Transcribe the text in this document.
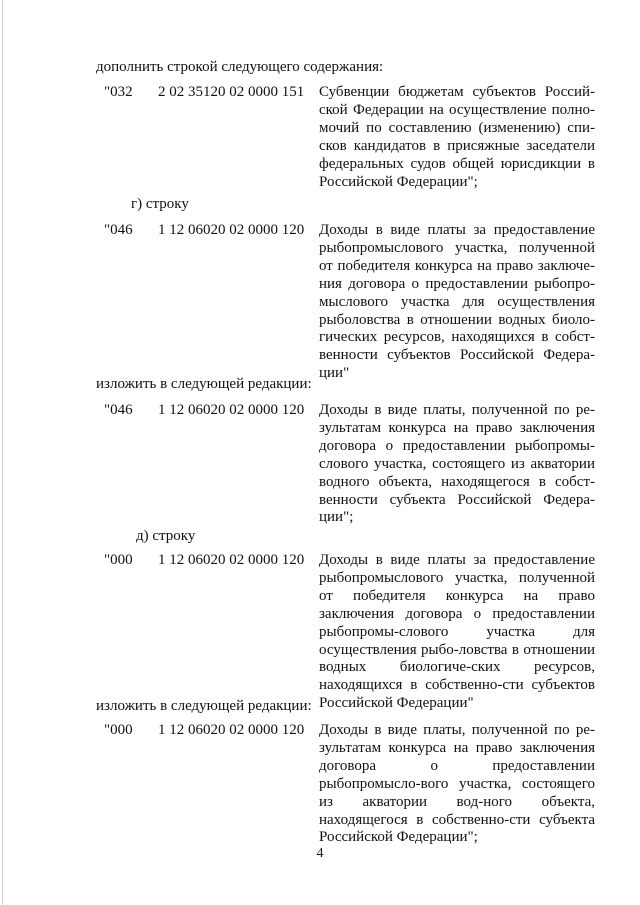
дополнить строкой следующего содержания:
"032 2 02 35120 02 0000 151 Субвенции бюджетам субъектов Россий-ской Федерации на осуществление полно-мочий по составлению (изменению) спи-сков кандидатов в присяжные заседатели федеральных судов общей юрисдикции в Российской Федерации";
г) строку
"046 1 12 06020 02 0000 120 Доходы в виде платы за предоставление рыбопромыслового участка, полученной от победителя конкурса на право заключе-ния договора о предоставлении рыбопро-мыслового участка для осуществления рыболовства в отношении водных биоло-гических ресурсов, находящихся в собст-венности субъектов Российской Федера-ции"
изложить в следующей редакции:
"046 1 12 06020 02 0000 120 Доходы в виде платы, полученной по ре-зультатам конкурса на право заключения договора о предоставлении рыбопромы-слового участка, состоящего из акватории водного объекта, находящегося в собст-венности субъекта Российской Федера-ции";
д) строку
"000 1 12 06020 02 0000 120 Доходы в виде платы за предоставление рыбопромыслового участка, полученной от победителя конкурса на право заключения договора о предоставлении рыбопромы-слового участка для осуществления рыбо-ловства в отношении водных биологиче-ских ресурсов, находящихся в собственно-сти субъектов Российской Федерации"
изложить в следующей редакции:
"000 1 12 06020 02 0000 120 Доходы в виде платы, полученной по ре-зультатам конкурса на право заключения договора о предоставлении рыбопромысло-вого участка, состоящего из акватории вод-ного объекта, находящегося в собственно-сти субъекта Российской Федерации";
4
